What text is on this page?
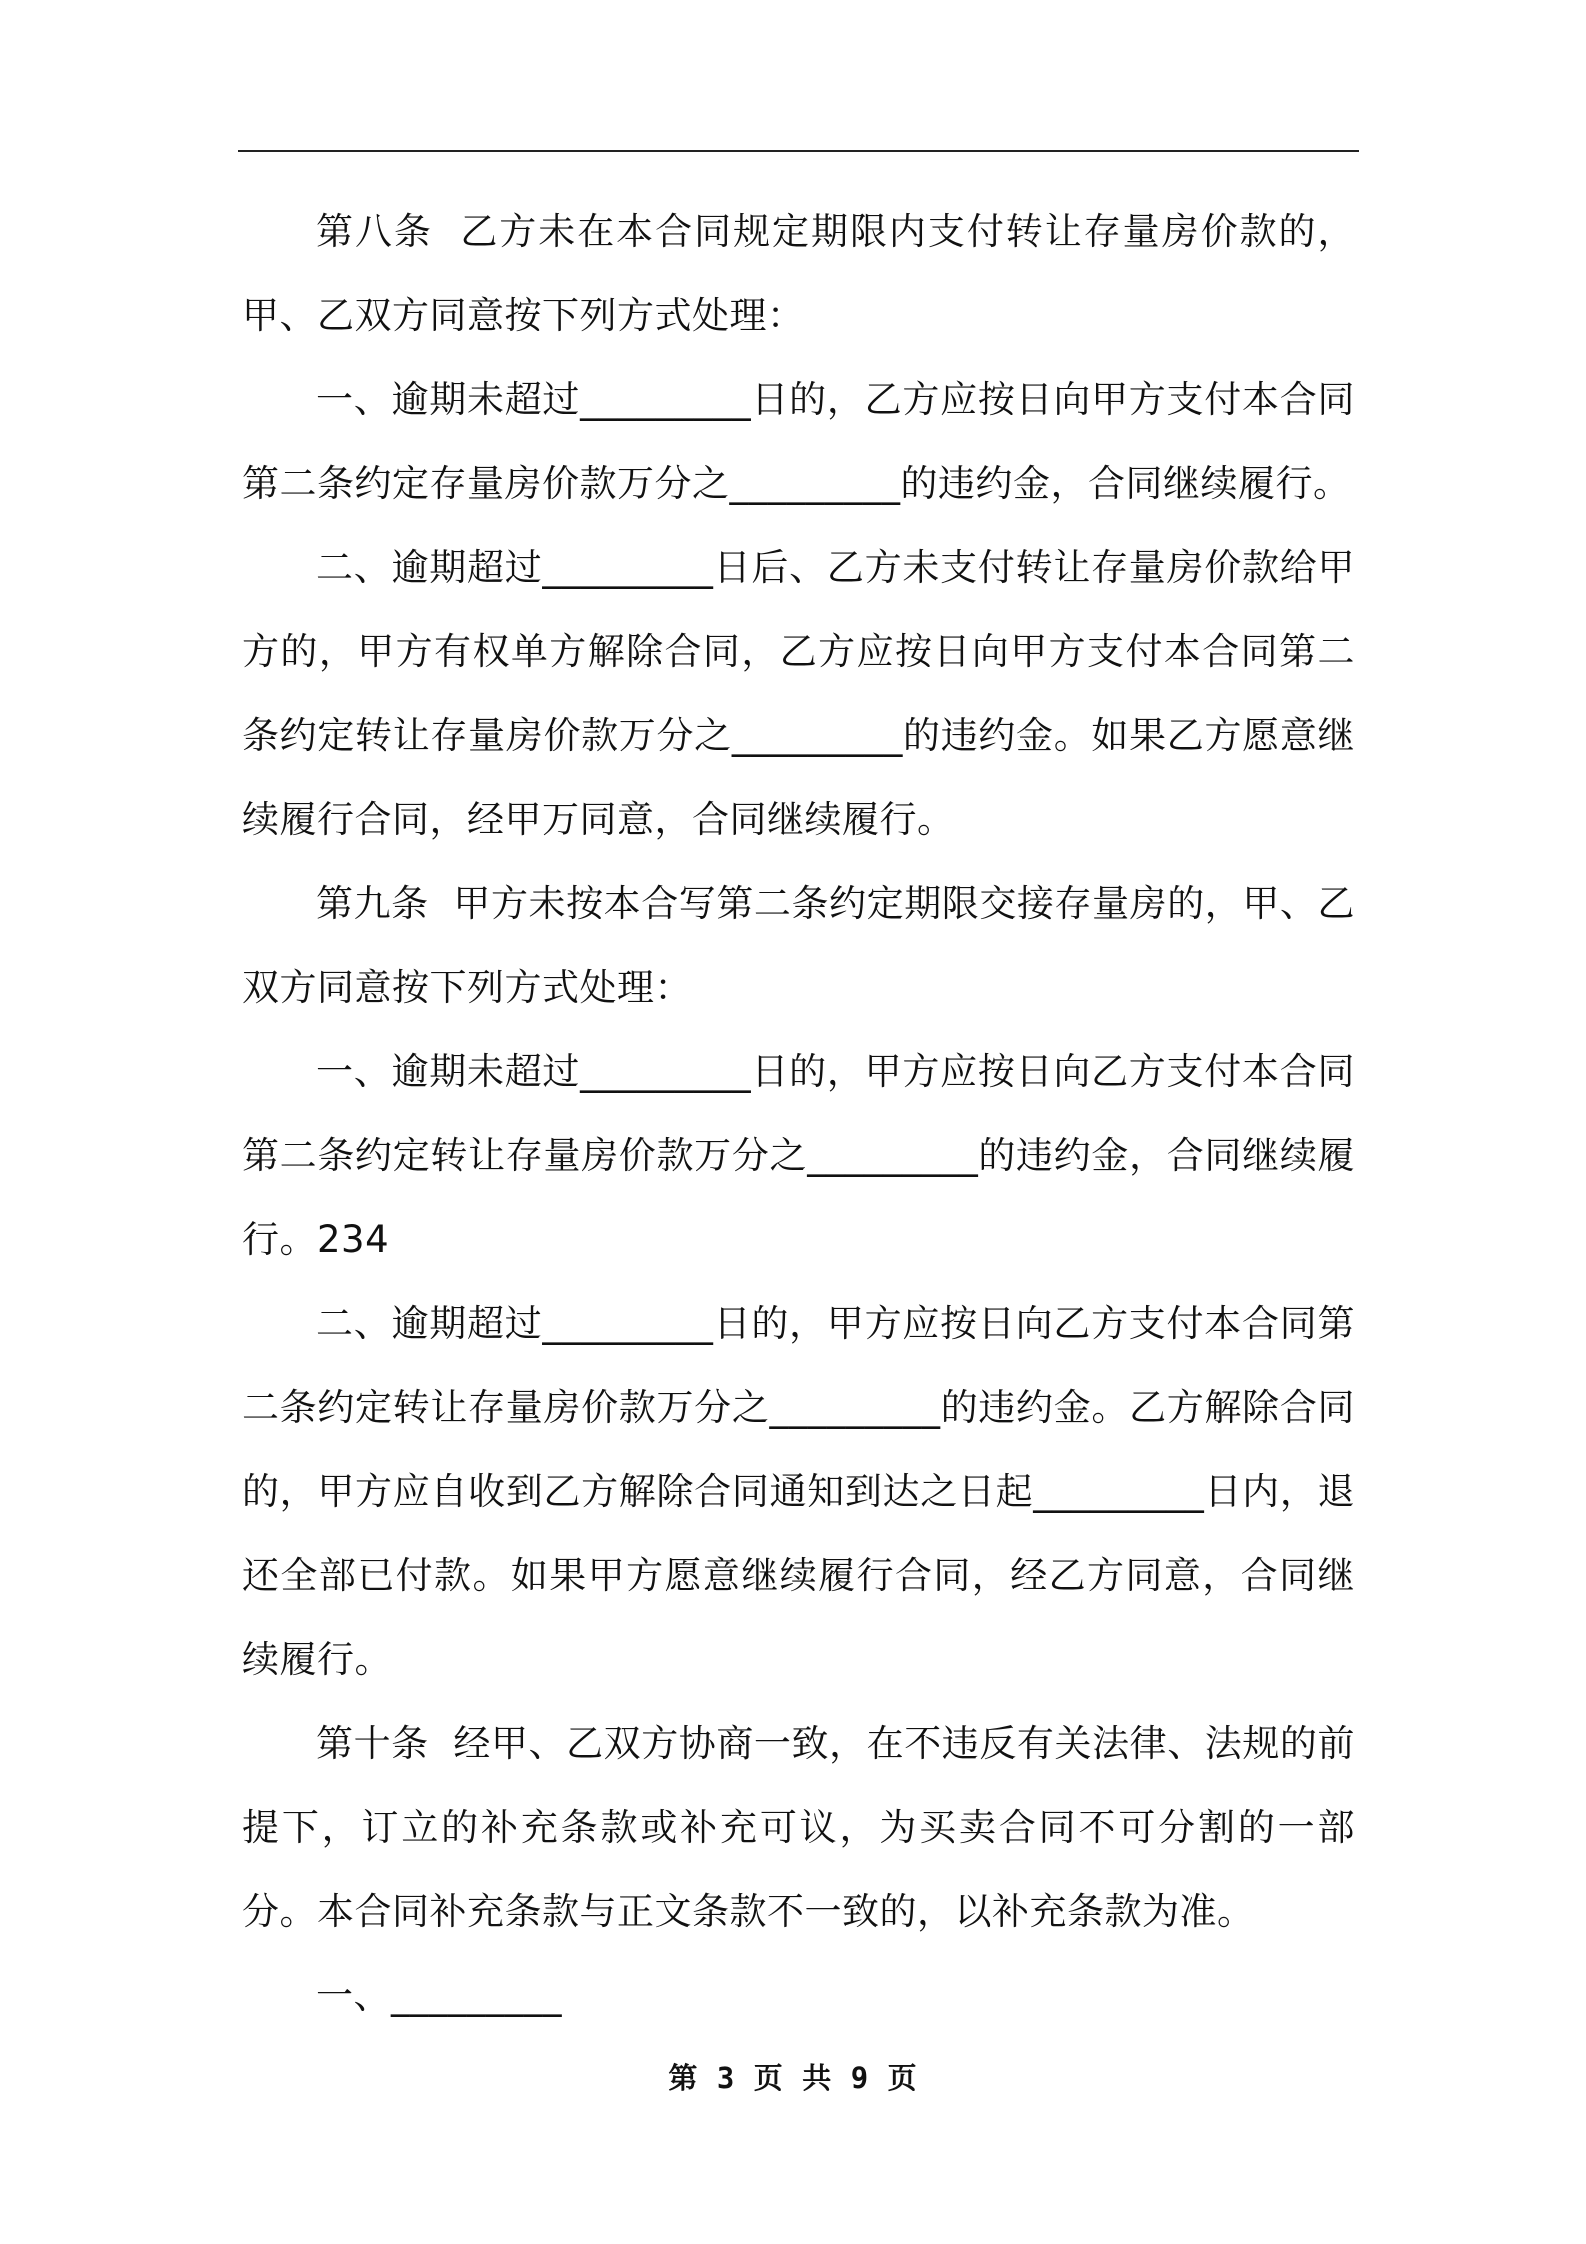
第八条  乙方未在本合同规定期限内支付转让存量房价款的，甲、乙双方同意按下列方式处理：

一、逾期未超过_________日的，乙方应按日向甲方支付本合同第二条约定存量房价款万分之_________的违约金，合同继续履行。

二、逾期超过_________日后、乙方未支付转让存量房价款给甲方的，甲方有权单方解除合同，乙方应按日向甲方支付本合同第二条约定转让存量房价款万分之_________的违约金。如果乙方愿意继续履行合同，经甲万同意，合同继续履行。

第九条  甲方未按本合写第二条约定期限交接存量房的，甲、乙双方同意按下列方式处理：

一、逾期未超过_________日的，甲方应按日向乙方支付本合同第二条约定转让存量房价款万分之_________的违约金，合同继续履行。234

二、逾期超过_________日的，甲方应按日向乙方支付本合同第二条约定转让存量房价款万分之_________的违约金。乙方解除合同的，甲方应自收到乙方解除合同通知到达之日起_________日内，退还全部已付款。如果甲方愿意继续履行合同，经乙方同意，合同继续履行。

第十条  经甲、乙双方协商一致，在不违反有关法律、法规的前提下，订立的补充条款或补充可议，为买卖合同不可分割的一部分。本合同补充条款与正文条款不一致的，以补充条款为准。

一、_________

第 3 页 共 9 页
